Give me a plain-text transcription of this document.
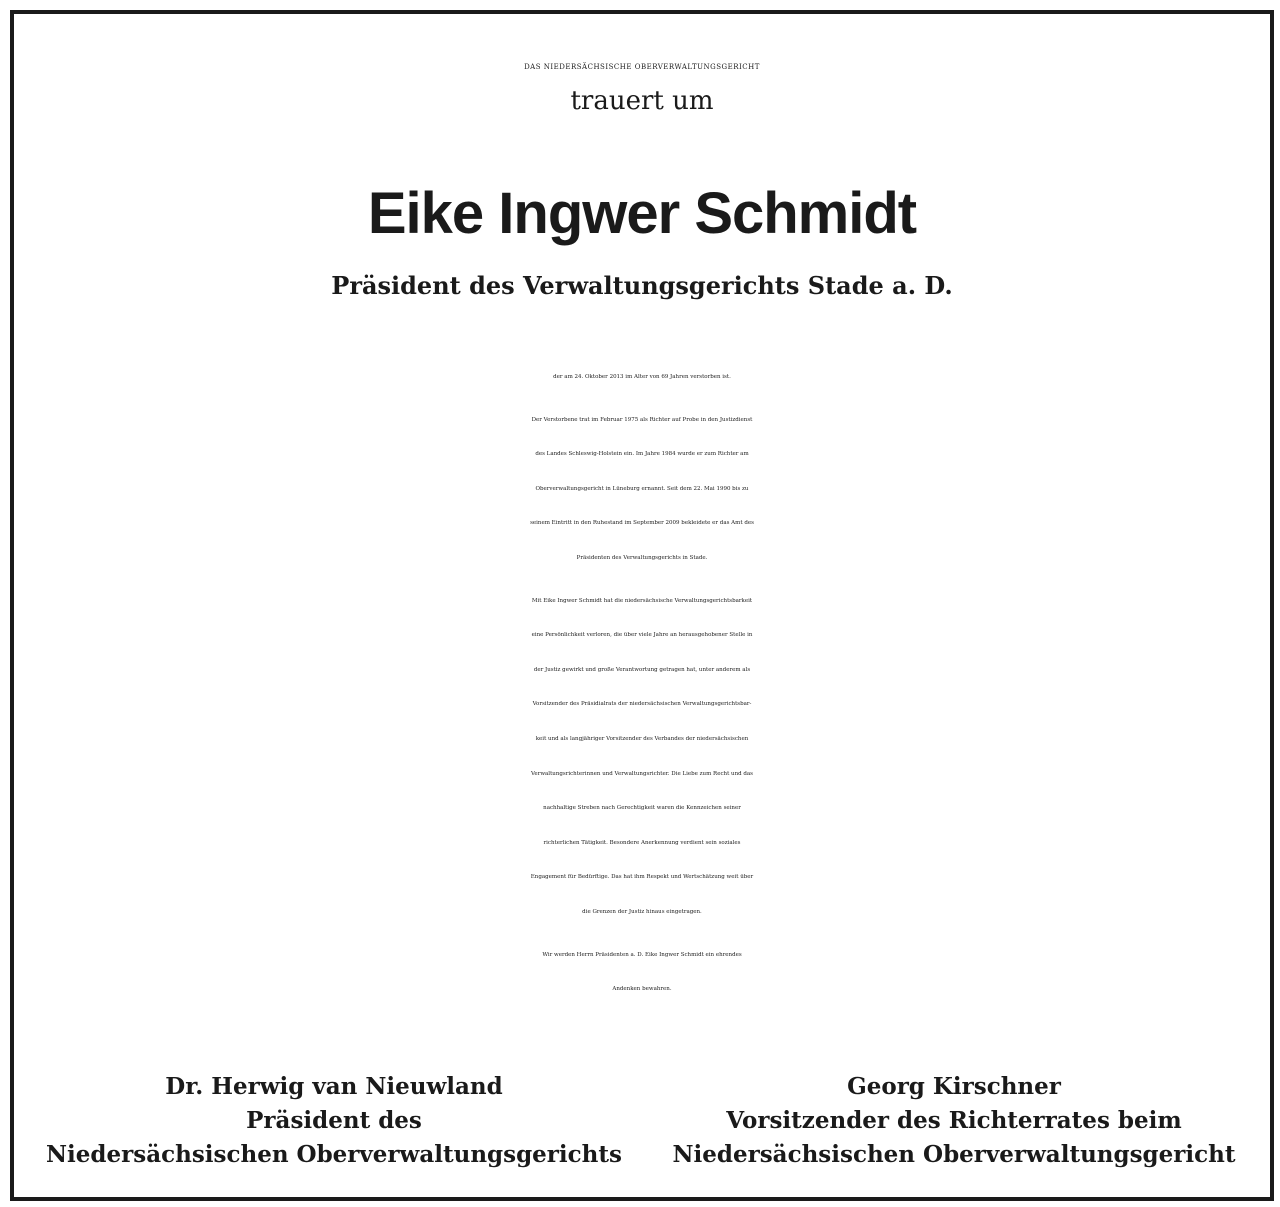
DAS NIEDERSÄCHSISCHE OBERVERWALTUNGSGERICHT
trauert um
Eike Ingwer Schmidt
Präsident des Verwaltungsgerichts Stade a. D.

der am 24. Oktober 2013 im Alter von 69 Jahren verstorben ist.

Der Verstorbene trat im Februar 1975 als Richter auf Probe in den Justizdienst
des Landes Schleswig-Holstein ein. Im Jahre 1984 wurde er zum Richter am
Oberverwaltungsgericht in Lüneburg ernannt. Seit dem 22. Mai 1990 bis zu
seinem Eintritt in den Ruhestand im September 2009 bekleidete er das Amt des
Präsidenten des Verwaltungsgerichts in Stade.

Mit Eike Ingwer Schmidt hat die niedersächsische Verwaltungsgerichtsbarkeit
eine Persönlichkeit verloren, die über viele Jahre an herausgehobener Stelle in
der Justiz gewirkt und große Verantwortung getragen hat, unter anderem als
Vorsitzender des Präsidialrats der niedersächsischen Verwaltungsgerichtsbar-
keit und als langjähriger Vorsitzender des Verbandes der niedersächsischen
Verwaltungsrichterinnen und Verwaltungsrichter. Die Liebe zum Recht und das
nachhaltige Streben nach Gerechtigkeit waren die Kennzeichen seiner
richterlichen Tätigkeit. Besondere Anerkennung verdient sein soziales
Engagement für Bedürftige. Das hat ihm Respekt und Wertschätzung weit über
die Grenzen der Justiz hinaus eingetragen.

Wir werden Herrn Präsidenten a. D. Eike Ingwer Schmidt ein ehrendes
Andenken bewahren.

Dr. Herwig van Nieuwland
Präsident des
Niedersächsischen Oberverwaltungsgerichts
Georg Kirschner
Vorsitzender des Richterrates beim
Niedersächsischen Oberverwaltungsgericht
